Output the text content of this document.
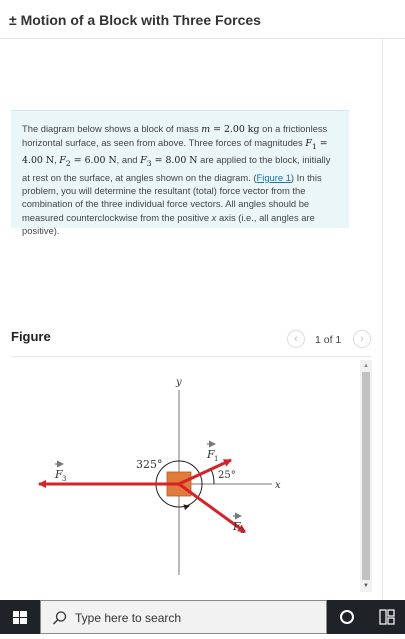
± Motion of a Block with Three Forces
The diagram below shows a block of mass m = 2.00 kg on a frictionless horizontal surface, as seen from above. Three forces of magnitudes $F_1 = 4.00$ N, $F_2 = 6.00$ N, and $F_3 = 8.00$ N are applied to the block, initially at rest on the surface, at angles shown on the diagram. (Figure 1) In this problem, you will determine the resultant (total) force vector from the combination of the three individual force vectors. All angles should be measured counterclockwise from the positive x axis (i.e., all angles are positive).
Figure	‹	1 of 1	›
y
x
325°
25°
F 1
F 2
F 3
▲
▼
Type here to search
